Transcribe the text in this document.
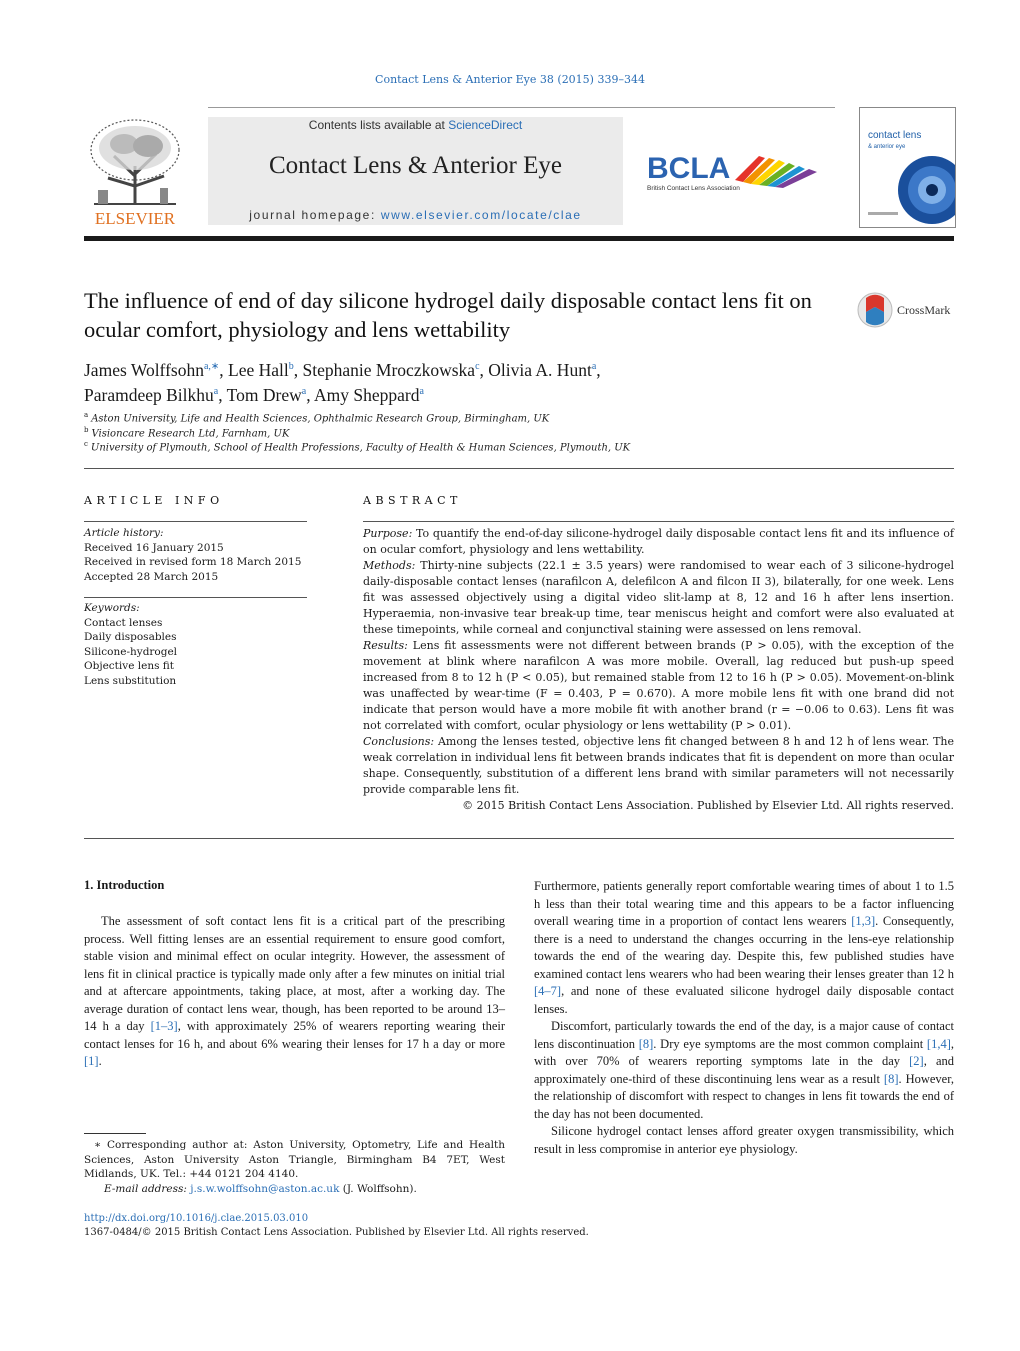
Contact Lens & Anterior Eye 38 (2015) 339–344
ELSEVIER
Contents lists available at ScienceDirect
Contact Lens & Anterior Eye
journal homepage: www.elsevier.com/locate/clae
BCLA
British Contact Lens Association
contact lens
& anterior eye
The influence of end of day silicone hydrogel daily disposable contact lens fit on ocular comfort, physiology and lens wettability
CrossMark
James Wolffsohn$^{a,∗}$, Lee Hall$^b$, Stephanie Mroczkowska$^c$, Olivia A. Hunt$^a$,
Paramdeep Bilkhu$^a$, Tom Drew$^a$, Amy Sheppard$^a$
$^a$ Aston University, Life and Health Sciences, Ophthalmic Research Group, Birmingham, UK
$^b$ Visioncare Research Ltd, Farnham, UK
$^c$ University of Plymouth, School of Health Professions, Faculty of Health & Human Sciences, Plymouth, UK
ARTICLE INFO
Article history:
Received 16 January 2015
Received in revised form 18 March 2015
Accepted 28 March 2015
Keywords:
Contact lenses
Daily disposables
Silicone-hydrogel
Objective lens fit
Lens substitution
ABSTRACT

Purpose: To quantify the end-of-day silicone-hydrogel daily disposable contact lens fit and its influence of on ocular comfort, physiology and lens wettability.

Methods: Thirty-nine subjects (22.1 ± 3.5 years) were randomised to wear each of 3 silicone-hydrogel daily-disposable contact lenses (narafilcon A, delefilcon A and filcon II 3), bilaterally, for one week. Lens fit was assessed objectively using a digital video slit-lamp at 8, 12 and 16 h after lens insertion. Hyperaemia, non-invasive tear break-up time, tear meniscus height and comfort were also evaluated at these timepoints, while corneal and conjunctival staining were assessed on lens removal.

Results: Lens fit assessments were not different between brands (P > 0.05), with the exception of the movement at blink where narafilcon A was more mobile. Overall, lag reduced but push-up speed increased from 8 to 12 h (P < 0.05), but remained stable from 12 to 16 h (P > 0.05). Movement-on-blink was unaffected by wear-time (F = 0.403, P = 0.670). A more mobile lens fit with one brand did not indicate that person would have a more mobile fit with another brand (r = −0.06 to 0.63). Lens fit was not correlated with comfort, ocular physiology or lens wettability (P > 0.01).

Conclusions: Among the lenses tested, objective lens fit changed between 8 h and 12 h of lens wear. The weak correlation in individual lens fit between brands indicates that fit is dependent on more than ocular shape. Consequently, substitution of a different lens brand with similar parameters will not necessarily provide comparable lens fit.

© 2015 British Contact Lens Association. Published by Elsevier Ltd. All rights reserved.

1. Introduction

The assessment of soft contact lens fit is a critical part of the prescribing process. Well fitting lenses are an essential requirement to ensure good comfort, stable vision and minimal effect on ocular integrity. However, the assessment of lens fit in clinical practice is typically made only after a few minutes on initial trial and at aftercare appointments, taking place, at most, after a working day. The average duration of contact lens wear, though, has been reported to be around 13–14 h a day [1–3], with approximately 25% of wearers reporting wearing their contact lenses for 16 h, and about 6% wearing their lenses for 17 h a day or more [1].

∗ Corresponding author at: Aston University, Optometry, Life and Health Sciences, Aston University Aston Triangle, Birmingham B4 7ET, West Midlands, UK. Tel.: +44 0121 204 4140.
E-mail address: j.s.w.wolffsohn@aston.ac.uk (J. Wolffsohn).

Furthermore, patients generally report comfortable wearing times of about 1 to 1.5 h less than their total wearing time and this appears to be a factor influencing overall wearing time in a proportion of contact lens wearers [1,3]. Consequently, there is a need to understand the changes occurring in the lens-eye relationship towards the end of the wearing day. Despite this, few published studies have examined contact lens wearers who had been wearing their lenses greater than 12 h [4–7], and none of these evaluated silicone hydrogel daily disposable contact lenses.

Discomfort, particularly towards the end of the day, is a major cause of contact lens discontinuation [8]. Dry eye symptoms are the most common complaint [1,4], with over 70% of wearers reporting symptoms late in the day [2], and approximately one-third of these discontinuing lens wear as a result [8]. However, the relationship of discomfort with respect to changes in lens fit towards the end of the day has not been documented.

Silicone hydrogel contact lenses afford greater oxygen transmissibility, which result in less compromise in anterior eye physiology.

http://dx.doi.org/10.1016/j.clae.2015.03.010
1367-0484/© 2015 British Contact Lens Association. Published by Elsevier Ltd. All rights reserved.
